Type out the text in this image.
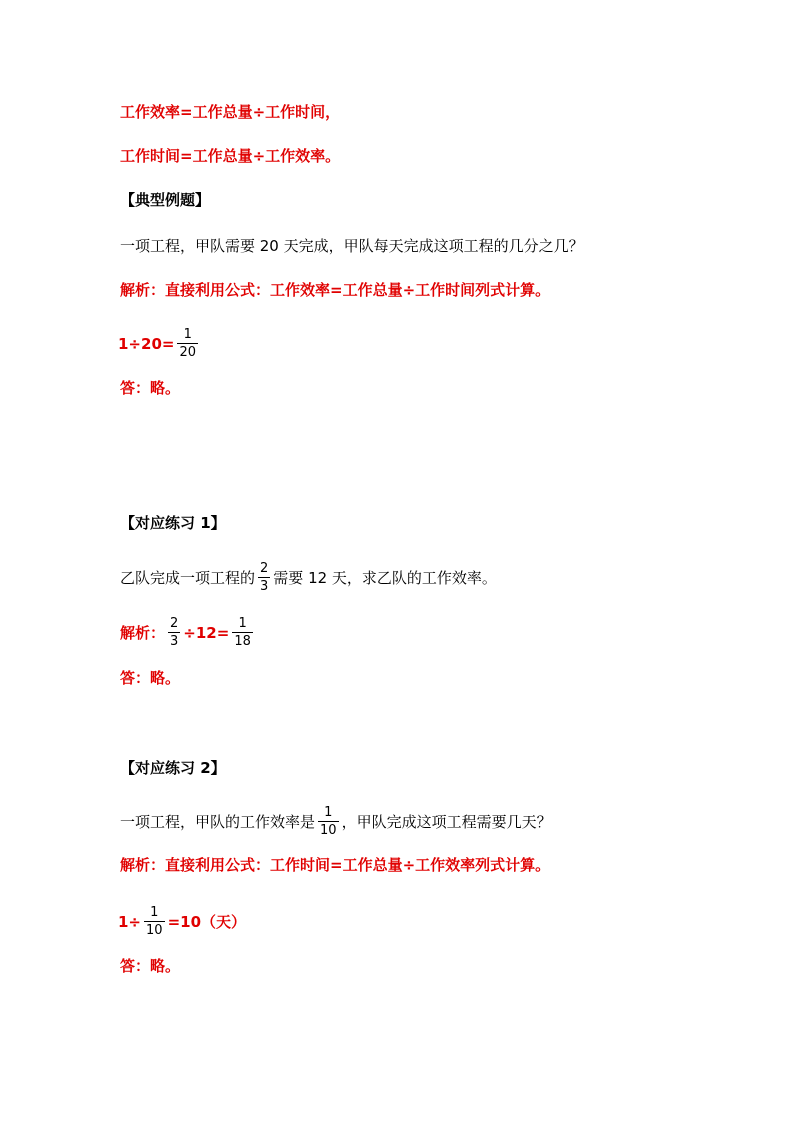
工作效率=工作总量÷工作时间，
工作时间=工作总量÷工作效率。
【典型例题】
一项工程，甲队需要 20 天完成，甲队每天完成这项工程的几分之几？
解析：直接利用公式：工作效率=工作总量÷工作时间列式计算。
$1\div 20= \frac{1}{20}$
答：略。
【对应练习 1】
乙队完成一项工程的 $\frac{2}{3}$ 需要 12 天，求乙队的工作效率。
解析： $\frac{2}{3} \div 12= \frac{1}{18}$
答：略。
【对应练习 2】
一项工程，甲队的工作效率是 $\frac{1}{10}$ ，甲队完成这项工程需要几天？
解析：直接利用公式：工作时间=工作总量÷工作效率列式计算。
$1\div \frac{1}{10} =10$（天）
答：略。
